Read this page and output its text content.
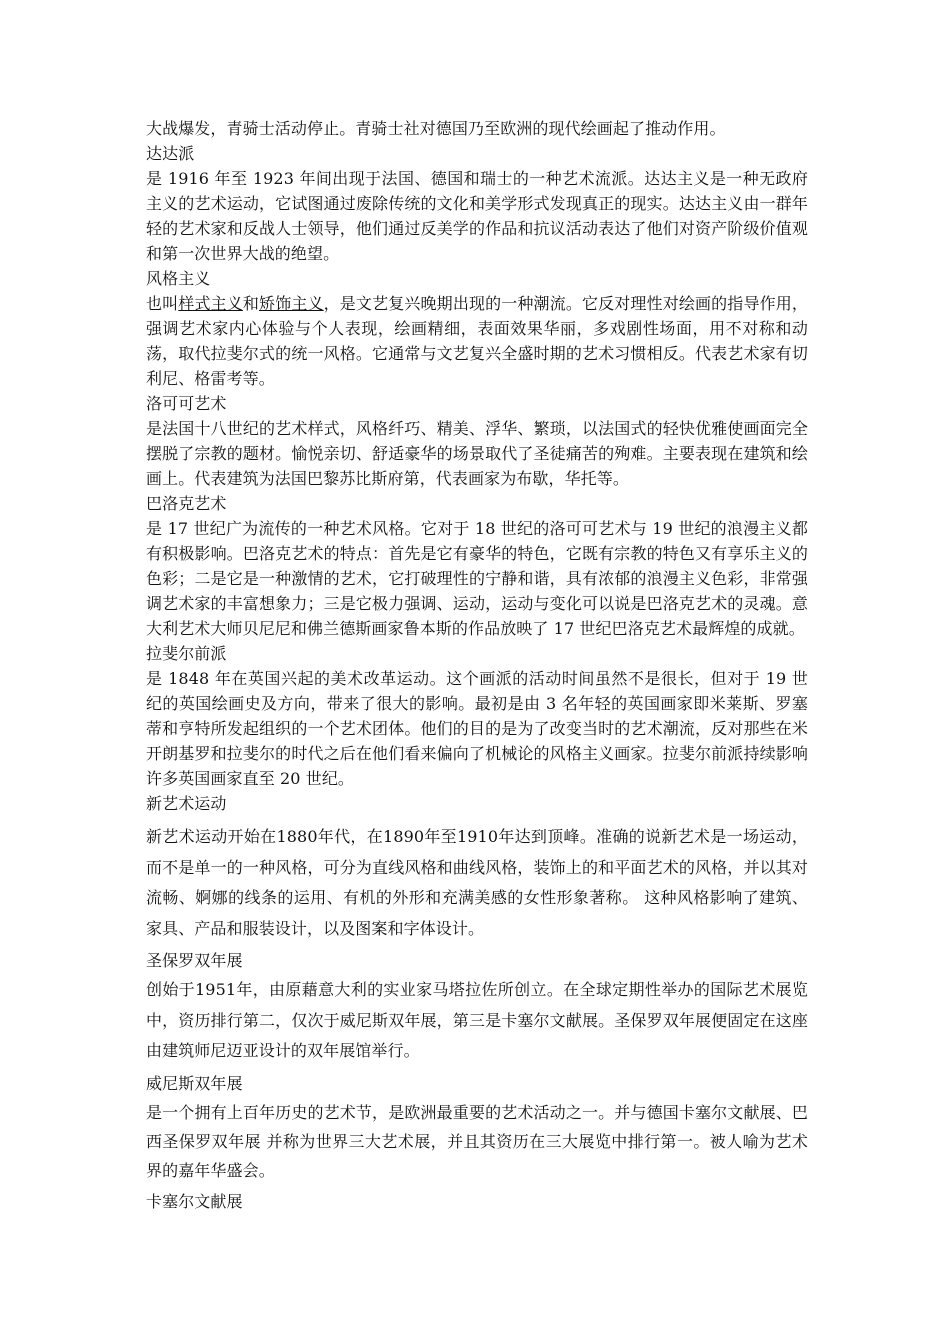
大战爆发，青骑士活动停止。青骑士社对德国乃至欧洲的现代绘画起了推动作用。

达达派

是 1916 年至 1923 年间出现于法国、德国和瑞士的一种艺术流派。达达主义是一种无政府主义的艺术运动，它试图通过废除传统的文化和美学形式发现真正的现实。达达主义由一群年轻的艺术家和反战人士领导，他们通过反美学的作品和抗议活动表达了他们对资产阶级价值观和第一次世界大战的绝望。

风格主义

也叫样式主义和矫饰主义，是文艺复兴晚期出现的一种潮流。它反对理性对绘画的指导作用，强调艺术家内心体验与个人表现，绘画精细，表面效果华丽，多戏剧性场面，用不对称和动荡，取代拉斐尔式的统一风格。它通常与文艺复兴全盛时期的艺术习惯相反。代表艺术家有切利尼、格雷考等。

洛可可艺术

是法国十八世纪的艺术样式，风格纤巧、精美、浮华、繁琐，以法国式的轻快优雅使画面完全摆脱了宗教的题材。愉悦亲切、舒适豪华的场景取代了圣徒痛苦的殉难。主要表现在建筑和绘画上。代表建筑为法国巴黎苏比斯府第，代表画家为布歇，华托等。

巴洛克艺术

是 17 世纪广为流传的一种艺术风格。它对于 18 世纪的洛可可艺术与 19 世纪的浪漫主义都有积极影响。巴洛克艺术的特点：首先是它有豪华的特色，它既有宗教的特色又有享乐主义的色彩；二是它是一种激情的艺术，它打破理性的宁静和谐，具有浓郁的浪漫主义色彩，非常强调艺术家的丰富想象力；三是它极力强调、运动，运动与变化可以说是巴洛克艺术的灵魂。意大利艺术大师贝尼尼和佛兰德斯画家鲁本斯的作品放映了 17 世纪巴洛克艺术最辉煌的成就。

拉斐尔前派

是 1848 年在英国兴起的美术改革运动。这个画派的活动时间虽然不是很长，但对于 19 世纪的英国绘画史及方向，带来了很大的影响。最初是由 3 名年轻的英国画家即米莱斯、罗塞蒂和亨特所发起组织的一个艺术团体。他们的目的是为了改变当时的艺术潮流，反对那些在米开朗基罗和拉斐尔的时代之后在他们看来偏向了机械论的风格主义画家。拉斐尔前派持续影响许多英国画家直至 20 世纪。

新艺术运动

新艺术运动开始在1880年代，在1890年至1910年达到顶峰。准确的说新艺术是一场运动，而不是单一的一种风格，可分为直线风格和曲线风格，装饰上的和平面艺术的风格，并以其对流畅、婀娜的线条的运用、有机的外形和充满美感的女性形象著称。 这种风格影响了建筑、家具、产品和服装设计，以及图案和字体设计。

圣保罗双年展

创始于1951年，由原藉意大利的实业家马塔拉佐所创立。在全球定期性举办的国际艺术展览中，资历排行第二，仅次于威尼斯双年展，第三是卡塞尔文献展。圣保罗双年展便固定在这座由建筑师尼迈亚设计的双年展馆举行。

威尼斯双年展

是一个拥有上百年历史的艺术节，是欧洲最重要的艺术活动之一。并与德国卡塞尔文献展、巴西圣保罗双年展 并称为世界三大艺术展，并且其资历在三大展览中排行第一。被人喻为艺术界的嘉年华盛会。

卡塞尔文献展
